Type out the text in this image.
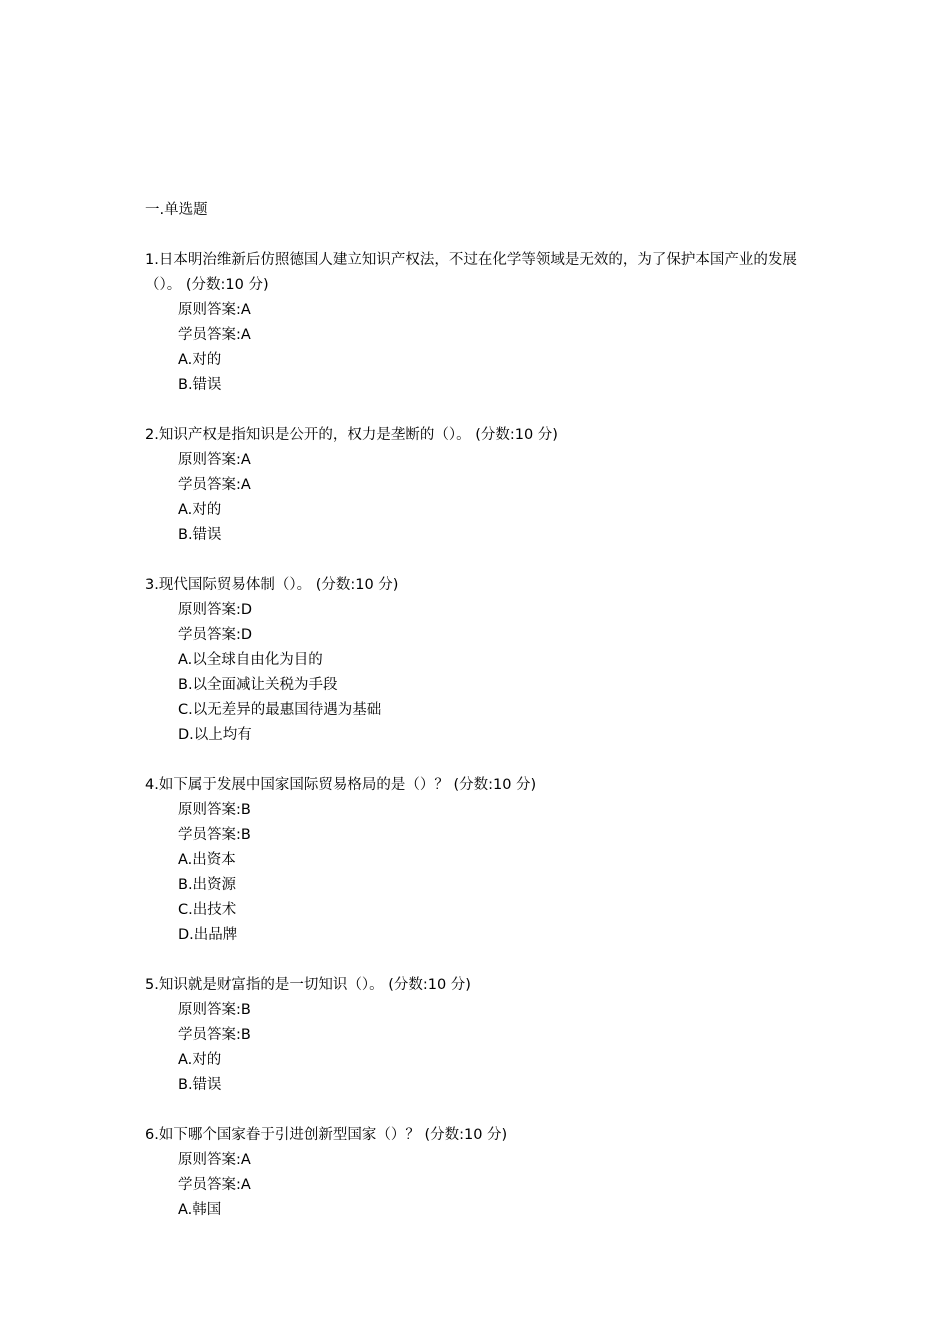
一.单选题
1.日本明治维新后仿照德国人建立知识产权法，不过在化学等领域是无效的，为了保护本国产业的发展（）。 (分数:10 分)
原则答案:A
学员答案:A
A.对的
B.错误
2.知识产权是指知识是公开的，权力是垄断的（）。 (分数:10 分)
原则答案:A
学员答案:A
A.对的
B.错误
3.现代国际贸易体制（）。 (分数:10 分)
原则答案:D
学员答案:D
A.以全球自由化为目的
B.以全面减让关税为手段
C.以无差异的最惠国待遇为基础
D.以上均有
4.如下属于发展中国家国际贸易格局的是（）？ (分数:10 分)
原则答案:B
学员答案:B
A.出资本
B.出资源
C.出技术
D.出品牌
5.知识就是财富指的是一切知识（）。 (分数:10 分)
原则答案:B
学员答案:B
A.对的
B.错误
6.如下哪个国家眷于引进创新型国家（）？ (分数:10 分)
原则答案:A
学员答案:A
A.韩国
